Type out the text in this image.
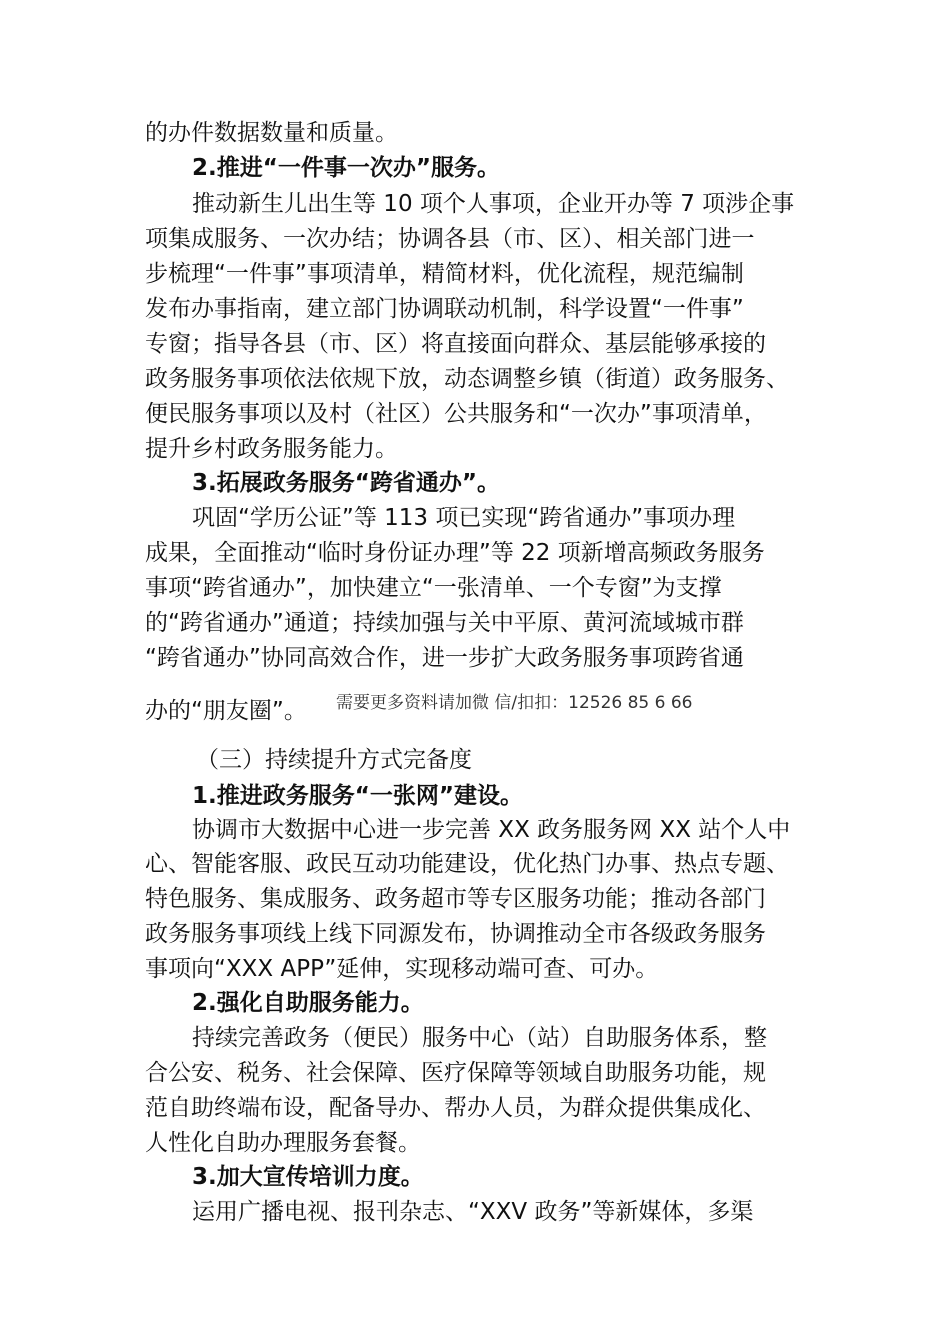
的办件数据数量和质量。
2.推进“一件事一次办”服务。
推动新生儿出生等 10 项个人事项，企业开办等 7 项涉企事
项集成服务、一次办结；协调各县（市、区）、相关部门进一
步梳理“一件事”事项清单，精简材料，优化流程，规范编制
发布办事指南，建立部门协调联动机制，科学设置“一件事”
专窗；指导各县（市、区）将直接面向群众、基层能够承接的
政务服务事项依法依规下放，动态调整乡镇（街道）政务服务、
便民服务事项以及村（社区）公共服务和“一次办”事项清单，
提升乡村政务服务能力。
3.拓展政务服务“跨省通办”。
巩固“学历公证”等 113 项已实现“跨省通办”事项办理
成果，全面推动“临时身份证办理”等 22 项新增高频政务服务
事项“跨省通办”，加快建立“一张清单、一个专窗”为支撑
的“跨省通办”通道；持续加强与关中平原、黄河流域城市群
“跨省通办”协同高效合作，进一步扩大政务服务事项跨省通
办的“朋友圈”。 需要更多资料请加微 信/扣扣：12526 85 6 66
（三）持续提升方式完备度
1.推进政务服务“一张网”建设。
协调市大数据中心进一步完善 XX 政务服务网 XX 站个人中
心、智能客服、政民互动功能建设，优化热门办事、热点专题、
特色服务、集成服务、政务超市等专区服务功能；推动各部门
政务服务事项线上线下同源发布，协调推动全市各级政务服务
事项向“XXX APP”延伸，实现移动端可查、可办。
2.强化自助服务能力。
持续完善政务（便民）服务中心（站）自助服务体系，整
合公安、税务、社会保障、医疗保障等领域自助服务功能，规
范自助终端布设，配备导办、帮办人员，为群众提供集成化、
人性化自助办理服务套餐。
3.加大宣传培训力度。
运用广播电视、报刊杂志、“XXV 政务”等新媒体，多渠
